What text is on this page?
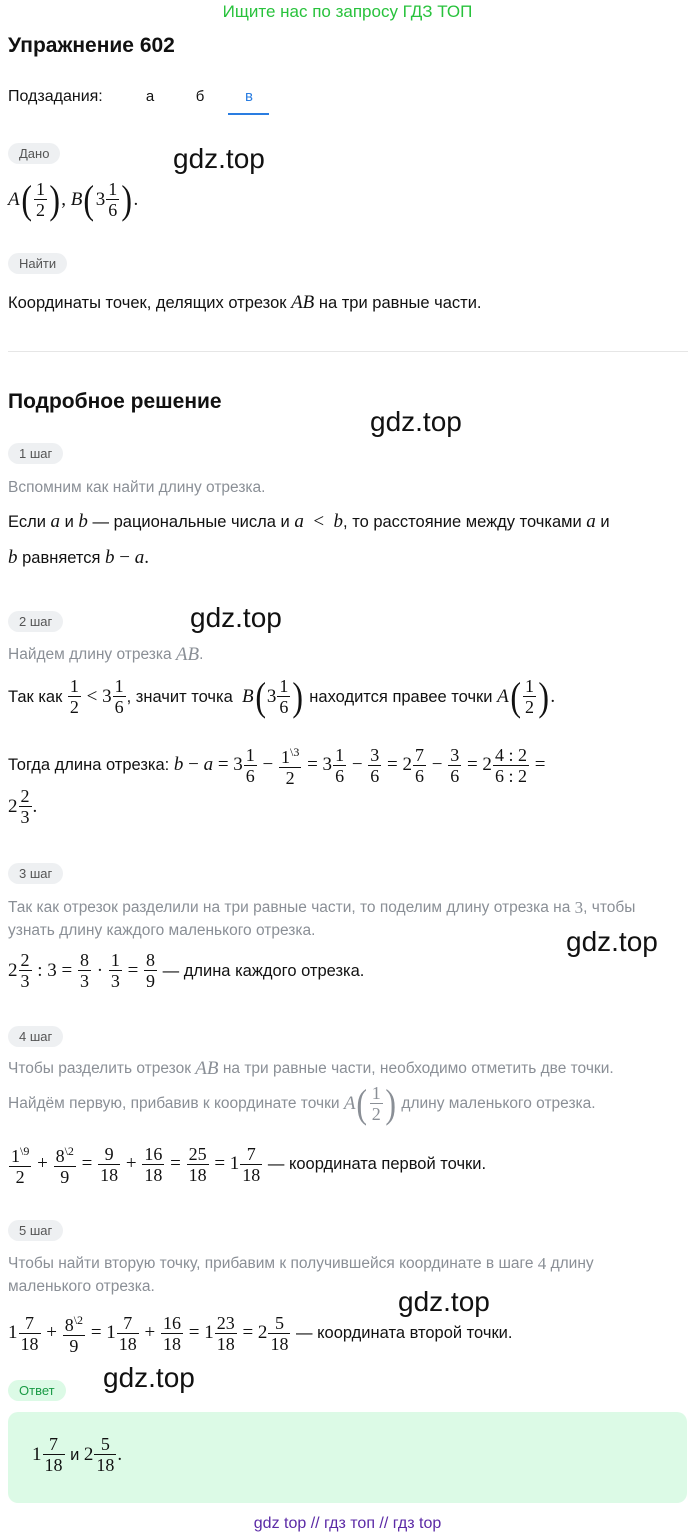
Ищите нас по запросу ГДЗ ТОП
Упражнение 602
Подзадания:	а	б	в
Дано	gdz.top
A ( $\frac{1}{2}$ ) , B ( $3 \frac{1}{6}$ ) .
Найти
Координаты точек, делящих отрезок
AB
на три равные части.
Подробное решение
gdz.top
1 шаг
Вспомним как найти длину отрезка.
Если
a
и
b
— рациональные числа и
a < b , то расстояние между точками
a
и
b
равняется
b − a .
2 шаг	gdz.top
Найдем длину отрезка
AB .
Так как
$\frac{1}{2} < 3 \frac{1}{6}$ , значит точка
B ( $3 \frac{1}{6}$ )
находится правее точки
A ( $\frac{1}{2}$ ) .
Тогда длина отрезка:
$b - a = 3 \frac{1}{6} - \frac{1^{\backslash 3}}{2} = 3 \frac{1}{6} - \frac{3}{6} = 2 \frac{7}{6} - \frac{3}{6} = 2 \frac{4 : 2}{6 : 2}$ =
$2 \frac{2}{3}$ .
3 шаг
Так как отрезок разделили на три равные части, то поделим длину отрезка на
3 , чтобы
узнать длину каждого маленького отрезка.	gdz.top
$2 \frac{2}{3}$ : $3 = \frac{8}{3} \cdot \frac{1}{3} = \frac{8}{9}$
— длина каждого отрезка.
4 шаг
Чтобы разделить отрезок
AB
на три равные части, необходимо отметить две точки.
Найдём первую, прибавив к координате точки
A ( $\frac{1}{2}$ )
длину маленького отрезка.
$\frac{1^{\backslash 9}}{2} + \frac{8^{\backslash 2}}{9} = \frac{9}{18} + \frac{16}{18} = \frac{25}{18} = 1 \frac{7}{18}$
— координата первой точки.
5 шаг
Чтобы найти вторую точку, прибавим к получившейся координате в шаге
4
длину
маленького отрезка.	gdz.top
$1 \frac{7}{18} + \frac{8^{\backslash 2}}{9} = 1 \frac{7}{18} + \frac{16}{18} = 1 \frac{23}{18} = 2 \frac{5}{18}$
— координата второй точки.
Ответ	gdz.top
$1 \frac{7}{18}$
и
$2 \frac{5}{18}$ .
gdz top // гдз топ // гдз top
